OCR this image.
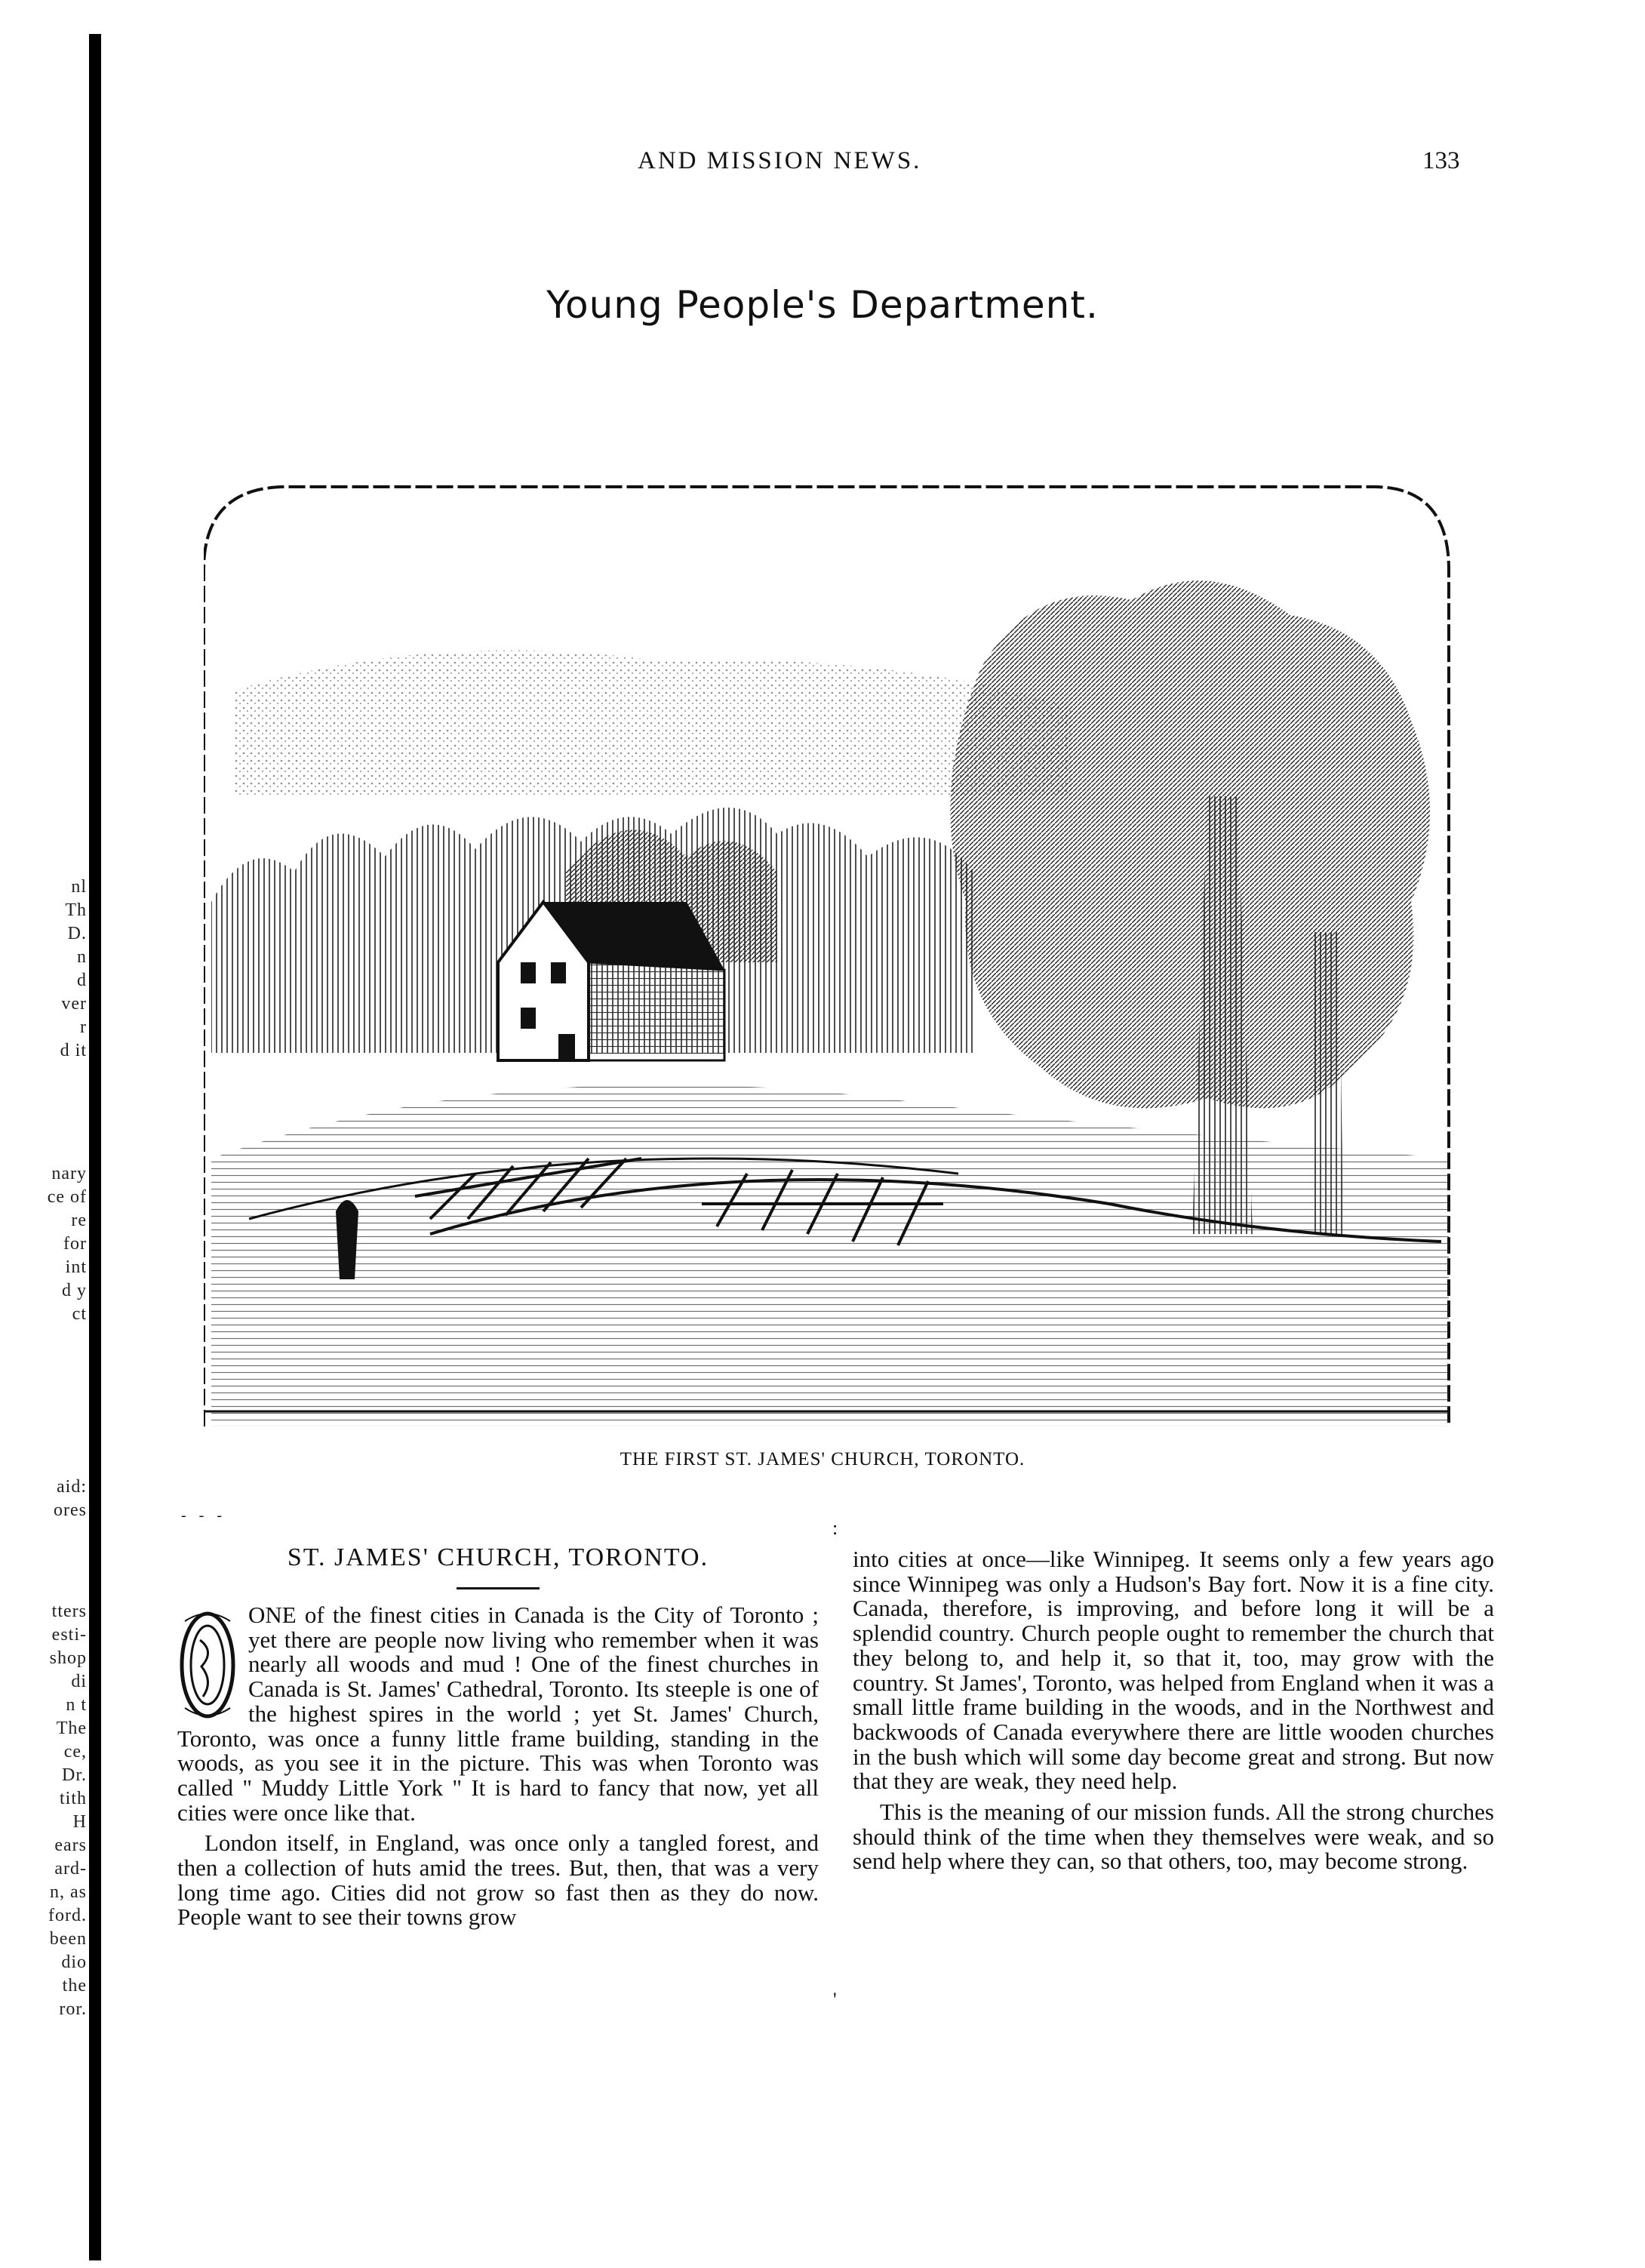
nl
Th
D.
n
d
ver
r
d it
nary
ce of
re
for
int
d y
ct
aid:
ores
tters
esti-
shop
di
n t
The
ce,
Dr.
tith
H
ears
ard-
n, as
ford.
been
dio
the
ror.
AND MISSION NEWS.	133
Young People's Department.
THE FIRST ST. JAMES' CHURCH, TORONTO.
- - -
:
'
ST. JAMES' CHURCH, TORONTO.

ONE of the finest cities in Canada is the City of Toronto ; yet there are people now living who remember when it was nearly all woods and mud ! One of the finest churches in Canada is St. James' Cathedral, Toronto. Its steeple is one of the highest spires in the world ; yet St. James' Church, Toronto, was once a funny little frame building, standing in the woods, as you see it in the picture. This was when Toronto was called " Muddy Little York " It is hard to fancy that now, yet all cities were once like that.

London itself, in England, was once only a tangled forest, and then a collection of huts amid the trees. But, then, that was a very long time ago. Cities did not grow so fast then as they do now. People want to see their towns grow

into cities at once—like Winnipeg. It seems only a few years ago since Winnipeg was only a Hudson's Bay fort. Now it is a fine city. Canada, therefore, is improving, and before long it will be a splendid country. Church people ought to remember the church that they belong to, and help it, so that it, too, may grow with the country. St James', Toronto, was helped from England when it was a small little frame building in the woods, and in the Northwest and backwoods of Canada everywhere there are little wooden churches in the bush which will some day become great and strong. But now that they are weak, they need help.

This is the meaning of our mission funds. All the strong churches should think of the time when they themselves were weak, and so send help where they can, so that others, too, may become strong.
